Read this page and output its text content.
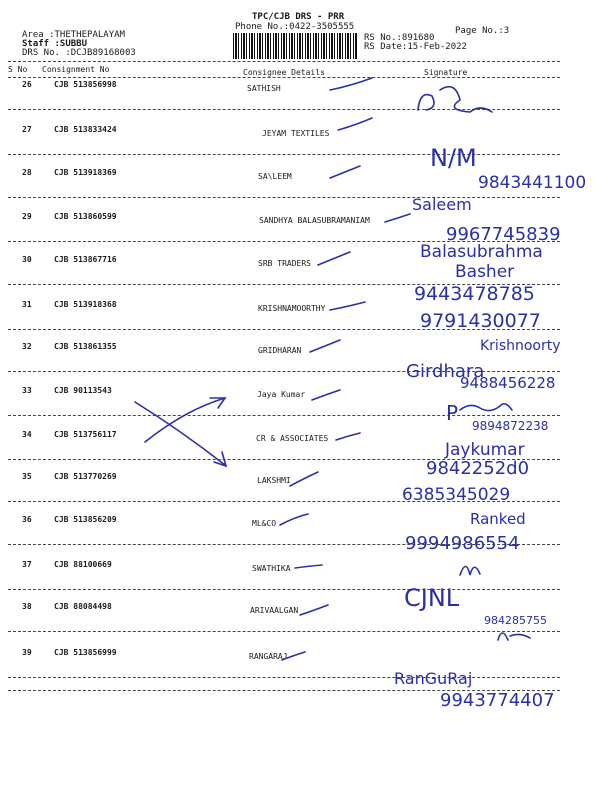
TPC/CJB DRS - PRR
Phone No.:0422-3505555	Page No.:3
Area :THETHEPALAYAM
Staff :SUBBU
DRS No. :DCJB89168003
RS No.:891680
RS Date:15-Feb-2022
S No Consignment No	Consignee Details	Signature
26	CJB 513856998	SATHISH
27	CJB 513833424	JEYAM TEXTILES
28	CJB 513918369	SA\LEEM
29	CJB 513860599	SANDHYA BALASUBRAMANIAM
30	CJB 513867716	SRB TRADERS
31	CJB 513918368	KRISHNAMOORTHY
32	CJB 513861355	GRIDHARAN
33	CJB 90113543	Jaya Kumar
34	CJB 513756117	CR & ASSOCIATES
35	CJB 513770269	LAKSHMI
36	CJB 513856209	ML&CO
37	CJB 88100669	SWATHIKA
38	CJB 88084498	ARIVAALGAN
39	CJB 513856999	RANGARAJ
N/M
9843441100
Saleem
9967745839
Balasubrahma
Basher
9443478785
9791430077
Krishnoorty
Girdhara
9488456228
P
9894872238
Jaykumar
9842252d0
6385345029
Ranked
9994986554
CJNL
984285755
RanGuRaj
9943774407
